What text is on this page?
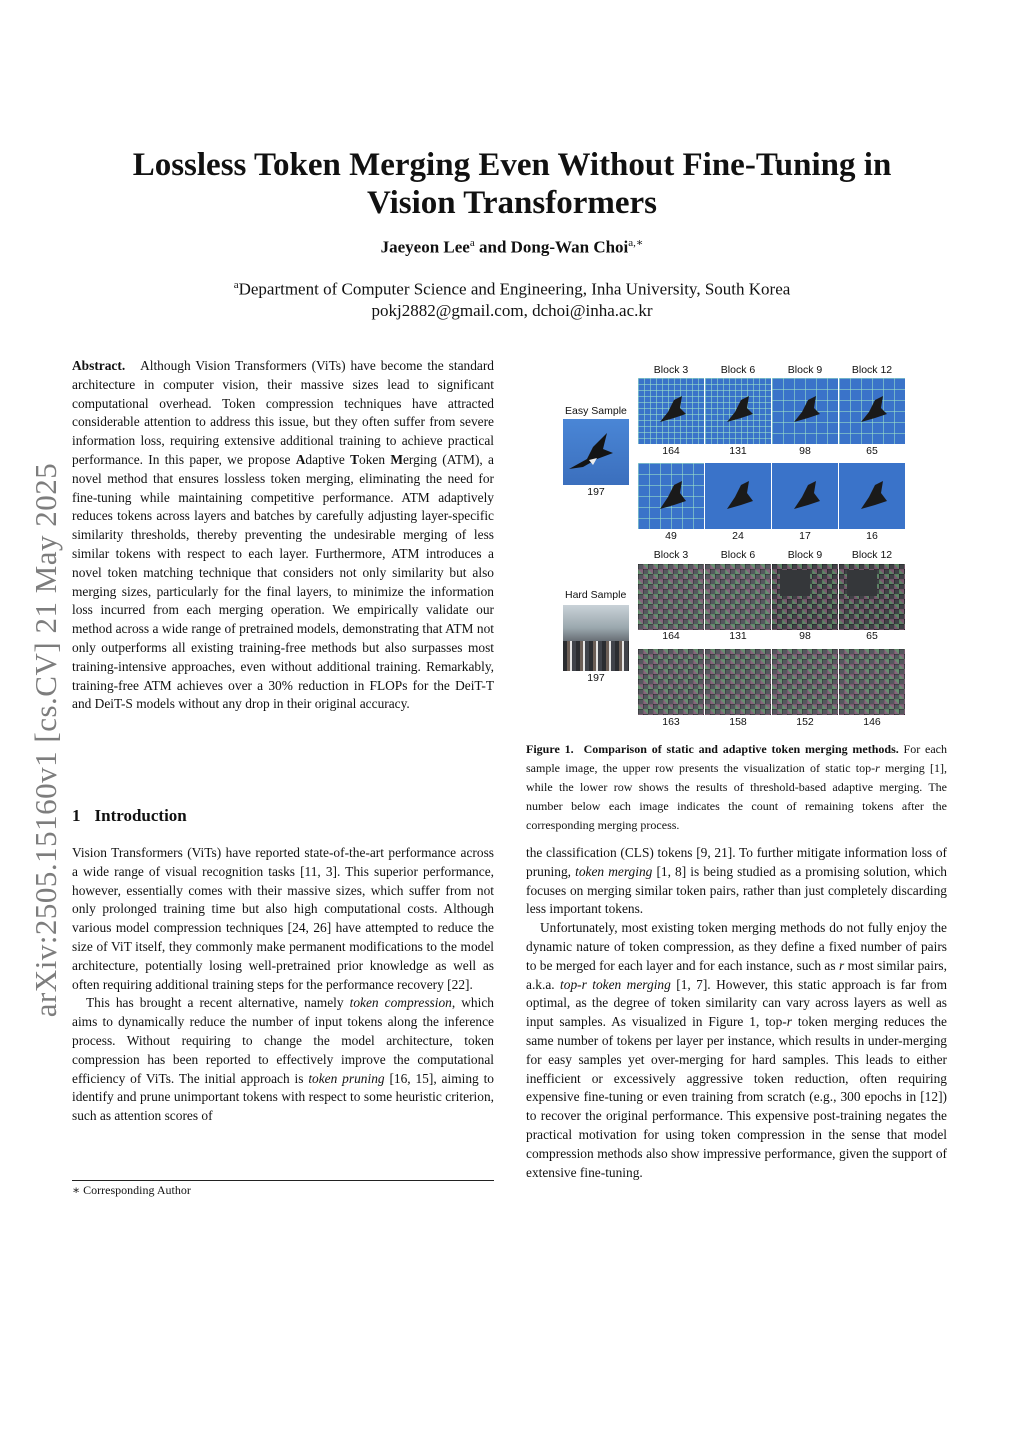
arXiv:2505.15160v1 [cs.CV] 21 May 2025
Lossless Token Merging Even Without Fine-Tuning in
Vision Transformers
Jaeyeon Lee$^a$ and Dong-Wan Choi$^{a,∗}$
$^a$Department of Computer Science and Engineering, Inha University, South Korea
pokj2882@gmail.com, dchoi@inha.ac.kr

Abstract. Although Vision Transformers (ViTs) have become the standard architecture in computer vision, their massive sizes lead to significant computational overhead. Token compression techniques have attracted considerable attention to address this issue, but they often suffer from severe information loss, requiring extensive additional training to achieve practical performance. In this paper, we propose Adaptive Token Merging (ATM), a novel method that ensures lossless token merging, eliminating the need for fine-tuning while maintaining competitive performance. ATM adaptively reduces tokens across layers and batches by carefully adjusting layer-specific similarity thresholds, thereby preventing the undesirable merging of less similar tokens with respect to each layer. Furthermore, ATM introduces a novel token matching technique that considers not only similarity but also merging sizes, particularly for the final layers, to minimize the information loss incurred from each merging operation. We empirically validate our method across a wide range of pretrained models, demonstrating that ATM not only outperforms all existing training-free methods but also surpasses most training-intensive approaches, even without additional training. Remarkably, training-free ATM achieves over a 30% reduction in FLOPs for the DeiT-T and DeiT-S models without any drop in their original accuracy.

1 Introduction

Vision Transformers (ViTs) have reported state-of-the-art performance across a wide range of visual recognition tasks [11, 3]. This superior performance, however, essentially comes with their massive sizes, which suffer from not only prolonged training time but also high computational costs. Although various model compression techniques [24, 26] have attempted to reduce the size of ViT itself, they commonly make permanent modifications to the model architecture, potentially losing well-pretrained prior knowledge as well as often requiring additional training steps for the performance recovery [22].

This has brought a recent alternative, namely token compression, which aims to dynamically reduce the number of input tokens along the inference process. Without requiring to change the model architecture, token compression has been reported to effectively improve the computational efficiency of ViTs. The initial approach is token pruning [16, 15], aiming to identify and prune unimportant tokens with respect to some heuristic criterion, such as attention scores of

∗ Corresponding Author
Block 3	Block 6	Block 9	Block 12
Easy Sample
197
164	131	98	65
49	24	17	16
Block 3	Block 6	Block 9	Block 12
Hard Sample
197
164	131	98	65
163	158	152	146
Figure 1. Comparison of static and adaptive token merging methods. For each sample image, the upper row presents the visualization of static top-r merging [1], while the lower row shows the results of threshold-based adaptive merging. The number below each image indicates the count of remaining tokens after the corresponding merging process.

the classification (CLS) tokens [9, 21]. To further mitigate information loss of pruning, token merging [1, 8] is being studied as a promising solution, which focuses on merging similar token pairs, rather than just completely discarding less important tokens.

Unfortunately, most existing token merging methods do not fully enjoy the dynamic nature of token compression, as they define a fixed number of pairs to be merged for each layer and for each instance, such as r most similar pairs, a.k.a. top-r token merging [1, 7]. However, this static approach is far from optimal, as the degree of token similarity can vary across layers as well as input samples. As visualized in Figure 1, top-r token merging reduces the same number of tokens per layer per instance, which results in under-merging for easy samples yet over-merging for hard samples. This leads to either inefficient or excessively aggressive token reduction, often requiring expensive fine-tuning or even training from scratch (e.g., 300 epochs in [12]) to recover the original performance. This expensive post-training negates the practical motivation for using token compression in the sense that model compression methods also show impressive performance, given the support of extensive fine-tuning.
